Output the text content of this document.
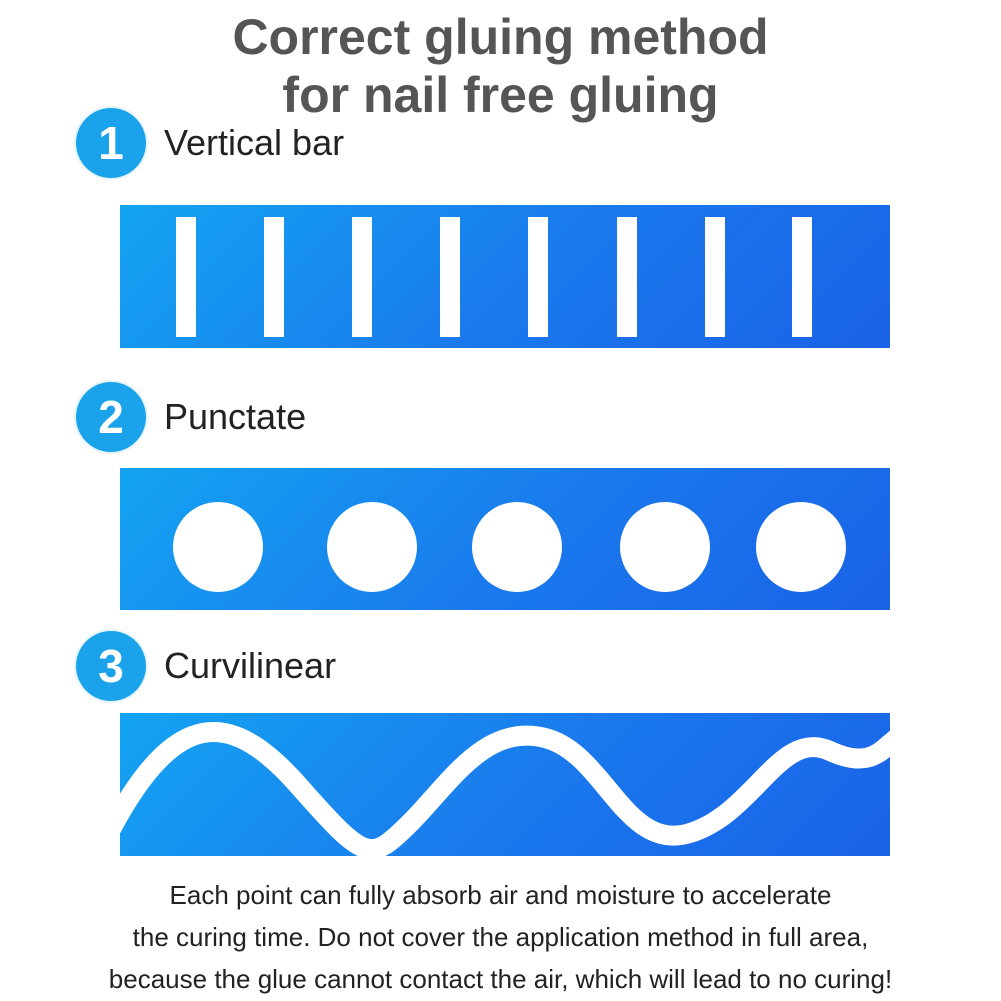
Correct gluing method
for nail free gluing
1	Vertical bar
2	Punctate
3	Curvilinear
Each point can fully absorb air and moisture to accelerate
the curing time. Do not cover the application method in full area,
because the glue cannot contact the air, which will lead to no curing!
